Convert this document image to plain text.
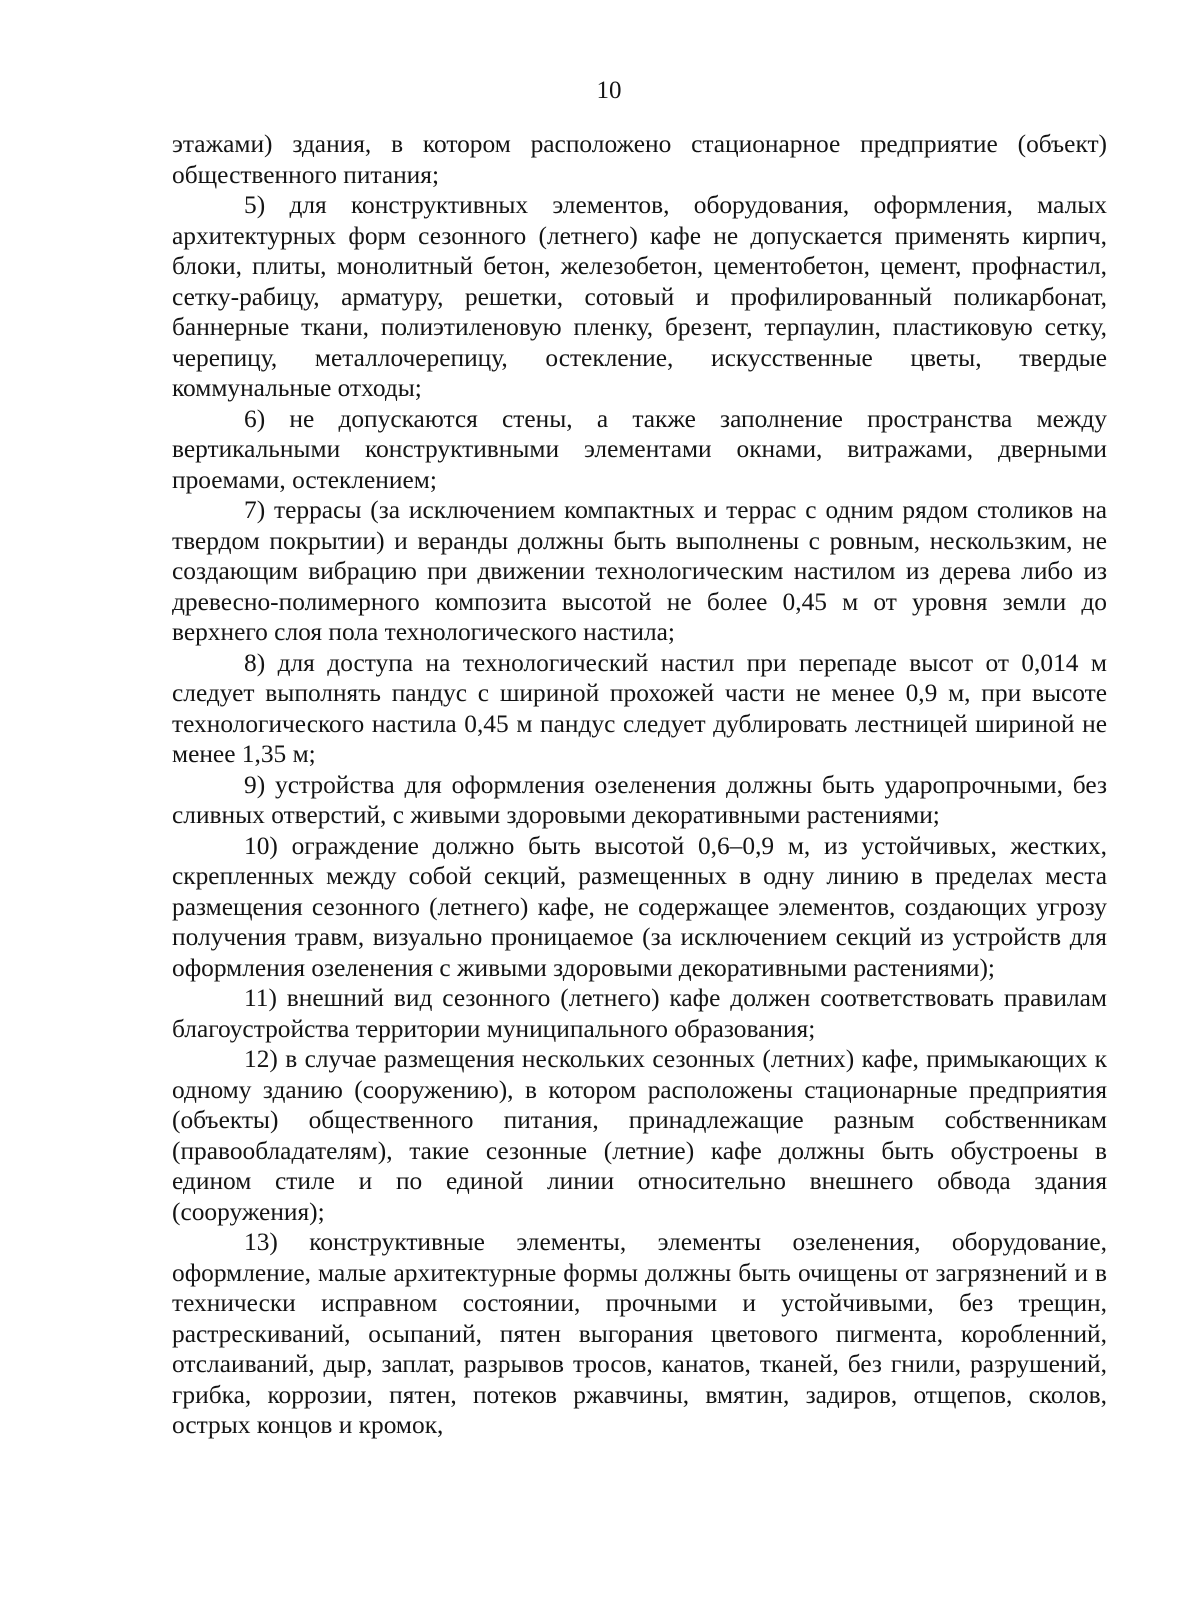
10

этажами) здания, в котором расположено стационарное предприятие (объект) общественного питания;

5) для конструктивных элементов, оборудования, оформления, малых архитектурных форм сезонного (летнего) кафе не допускается применять кирпич, блоки, плиты, монолитный бетон, железобетон, цементобетон, цемент, профнастил, сетку-рабицу, арматуру, решетки, сотовый и профилированный поликарбонат, баннерные ткани, полиэтиленовую пленку, брезент, терпаулин, пластиковую сетку, черепицу, металлочерепицу, остекление, искусственные цветы, твердые коммунальные отходы;

6) не допускаются стены, а также заполнение пространства между вертикальными конструктивными элементами окнами, витражами, дверными проемами, остеклением;

7) террасы (за исключением компактных и террас с одним рядом столиков на твердом покрытии) и веранды должны быть выполнены с ровным, нескользким, не создающим вибрацию при движении технологическим настилом из дерева либо из древесно-полимерного композита высотой не более 0,45 м от уровня земли до верхнего слоя пола технологического настила;

8) для доступа на технологический настил при перепаде высот от 0,014 м следует выполнять пандус с шириной прохожей части не менее 0,9 м, при высоте технологического настила 0,45 м пандус следует дублировать лестницей шириной не менее 1,35 м;

9) устройства для оформления озеленения должны быть ударопрочными, без сливных отверстий, с живыми здоровыми декоративными растениями;

10) ограждение должно быть высотой 0,6–0,9 м, из устойчивых, жестких, скрепленных между собой секций, размещенных в одну линию в пределах места размещения сезонного (летнего) кафе, не содержащее элементов, создающих угрозу получения травм, визуально проницаемое (за исключением секций из устройств для оформления озеленения с живыми здоровыми декоративными растениями);

11) внешний вид сезонного (летнего) кафе должен соответствовать правилам благоустройства территории муниципального образования;

12) в случае размещения нескольких сезонных (летних) кафе, примыкающих к одному зданию (сооружению), в котором расположены стационарные предприятия (объекты) общественного питания, принадлежащие разным собственникам (правообладателям), такие сезонные (летние) кафе должны быть обустроены в едином стиле и по единой линии относительно внешнего обвода здания (сооружения);

13) конструктивные элементы, элементы озеленения, оборудование, оформление, малые архитектурные формы должны быть очищены от загрязнений и в технически исправном состоянии, прочными и устойчивыми, без трещин, растрескиваний, осыпаний, пятен выгорания цветового пигмента, коробленний, отслаиваний, дыр, заплат, разрывов тросов, канатов, тканей, без гнили, разрушений, грибка, коррозии, пятен, потеков ржавчины, вмятин, задиров, отщепов, сколов, острых концов и кромок,
